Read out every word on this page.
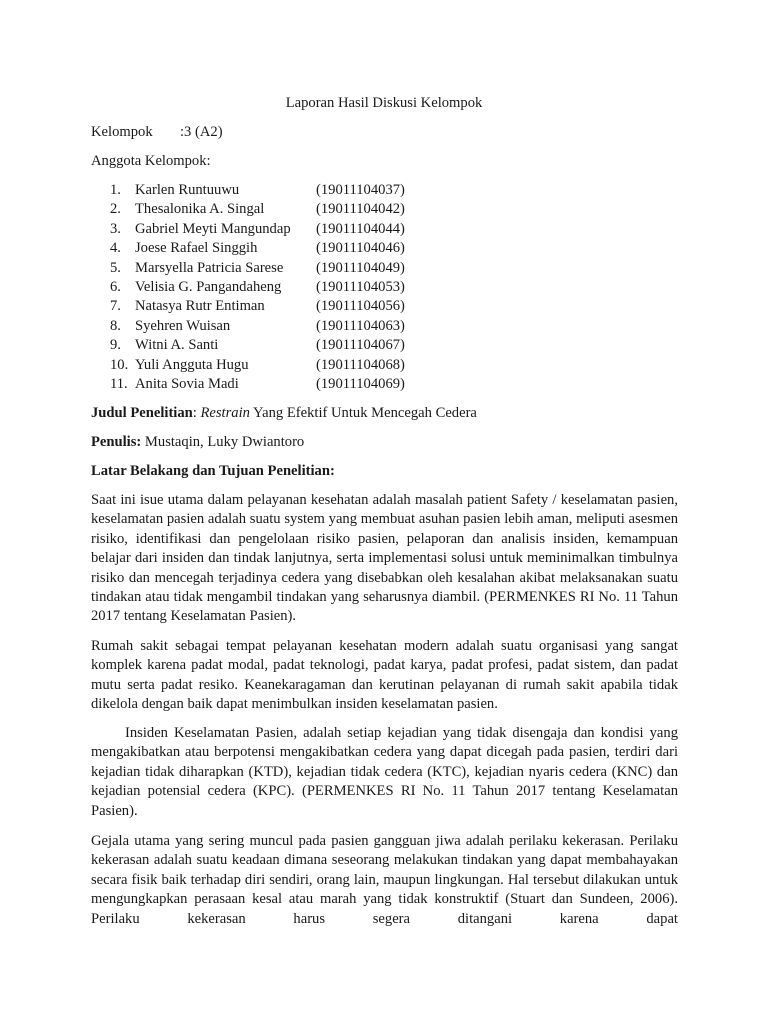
Laporan Hasil Diskusi Kelompok
Kelompok :3 (A2)
Anggota Kelompok:
1. Karlen Runtuuwu	(19011104037)
2. Thesalonika A. Singal	(19011104042)
3. Gabriel Meyti Mangundap	(19011104044)
4. Joese Rafael Singgih	(19011104046)
5. Marsyella Patricia Sarese	(19011104049)
6. Velisia G. Pangandaheng	(19011104053)
7. Natasya Rutr Entiman	(19011104056)
8. Syehren Wuisan	(19011104063)
9. Witni A. Santi	(19011104067)
10. Yuli Angguta Hugu	(19011104068)
11. Anita Sovia Madi	(19011104069)
Judul Penelitian: Restrain Yang Efektif Untuk Mencegah Cedera
Penulis: Mustaqin, Luky Dwiantoro
Latar Belakang dan Tujuan Penelitian:
Saat ini isue utama dalam pelayanan kesehatan adalah masalah patient Safety / keselamatan pasien, keselamatan pasien adalah suatu system yang membuat asuhan pasien lebih aman, meliputi asesmen risiko, identifikasi dan pengelolaan risiko pasien, pelaporan dan analisis insiden, kemampuan belajar dari insiden dan tindak lanjutnya, serta implementasi solusi untuk meminimalkan timbulnya risiko dan mencegah terjadinya cedera yang disebabkan oleh kesalahan akibat melaksanakan suatu tindakan atau tidak mengambil tindakan yang seharusnya diambil. (PERMENKES RI No. 11 Tahun 2017 tentang Keselamatan Pasien).
Rumah sakit sebagai tempat pelayanan kesehatan modern adalah suatu organisasi yang sangat komplek karena padat modal, padat teknologi, padat karya, padat profesi, padat sistem, dan padat mutu serta padat resiko. Keanekaragaman dan kerutinan pelayanan di rumah sakit apabila tidak dikelola dengan baik dapat menimbulkan insiden keselamatan pasien.
Insiden Keselamatan Pasien, adalah setiap kejadian yang tidak disengaja dan kondisi yang mengakibatkan atau berpotensi mengakibatkan cedera yang dapat dicegah pada pasien, terdiri dari kejadian tidak diharapkan (KTD), kejadian tidak cedera (KTC), kejadian nyaris cedera (KNC) dan kejadian potensial cedera (KPC). (PERMENKES RI No. 11 Tahun 2017 tentang Keselamatan Pasien).
Gejala utama yang sering muncul pada pasien gangguan jiwa adalah perilaku kekerasan. Perilaku kekerasan adalah suatu keadaan dimana seseorang melakukan tindakan yang dapat membahayakan secara fisik baik terhadap diri sendiri, orang lain, maupun lingkungan. Hal tersebut dilakukan untuk mengungkapkan perasaan kesal atau marah yang tidak konstruktif (Stuart dan Sundeen, 2006). Perilaku kekerasan harus segera ditangani karena dapat
